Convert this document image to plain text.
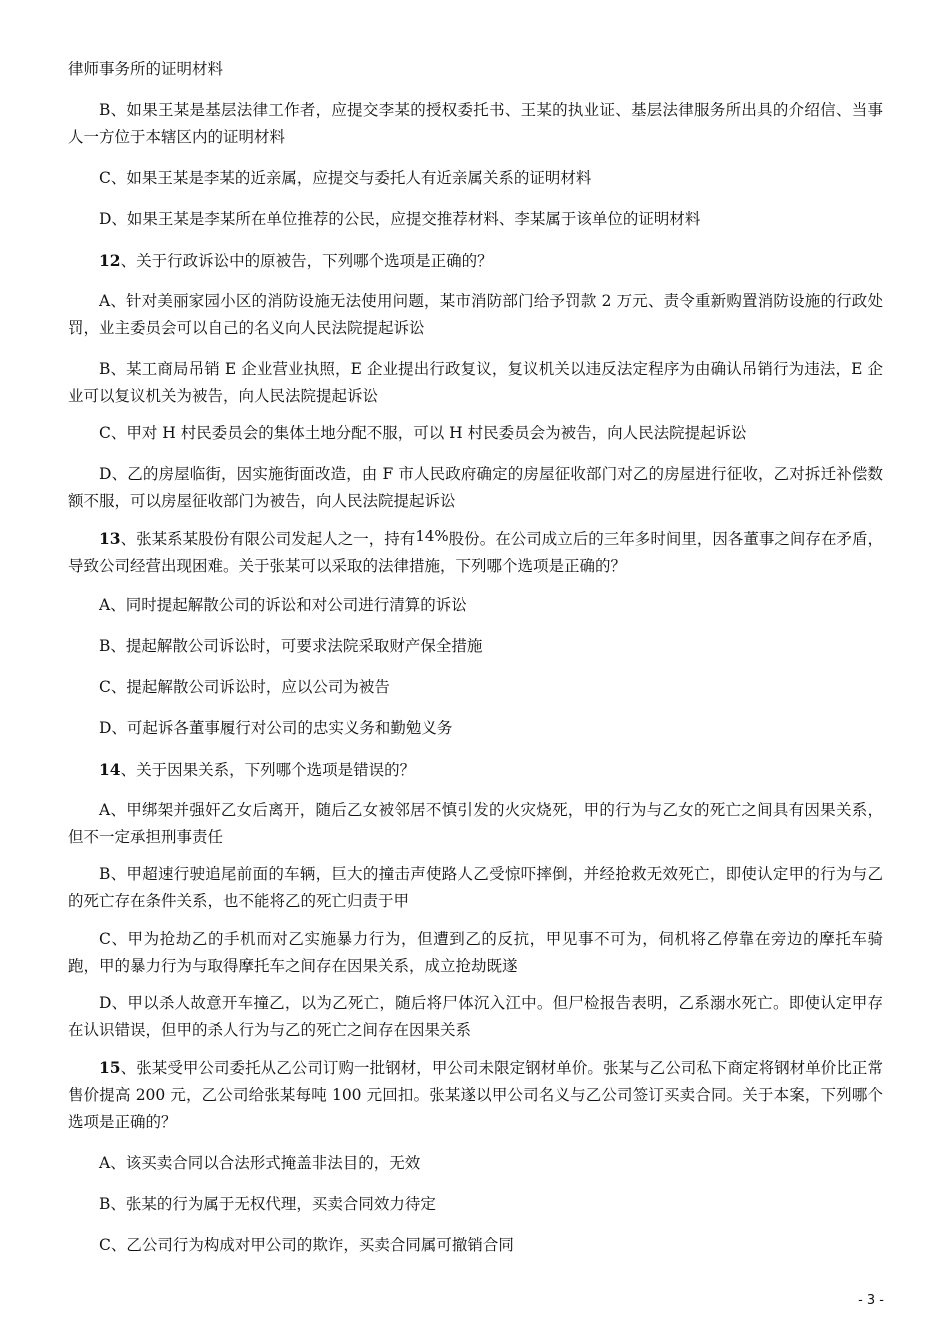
律师事务所的证明材料

B、如果王某是基层法律工作者，应提交李某的授权委托书、王某的执业证、基层法律服务所出具的介绍信、当事人一方位于本辖区内的证明材料

C、如果王某是李某的近亲属，应提交与委托人有近亲属关系的证明材料

D、如果王某是李某所在单位推荐的公民，应提交推荐材料、李某属于该单位的证明材料

12、关于行政诉讼中的原被告，下列哪个选项是正确的？

A、针对美丽家园小区的消防设施无法使用问题，某市消防部门给予罚款 2 万元、责令重新购置消防设施的行政处罚，业主委员会可以自己的名义向人民法院提起诉讼

B、某工商局吊销 E 企业营业执照，E 企业提出行政复议，复议机关以违反法定程序为由确认吊销行为违法，E 企业可以复议机关为被告，向人民法院提起诉讼

C、甲对 H 村民委员会的集体土地分配不服，可以 H 村民委员会为被告，向人民法院提起诉讼

D、乙的房屋临街，因实施街面改造，由 F 市人民政府确定的房屋征收部门对乙的房屋进行征收，乙对拆迁补偿数额不服，可以房屋征收部门为被告，向人民法院提起诉讼

13、张某系某股份有限公司发起人之一，持有14%股份。在公司成立后的三年多时间里，因各董事之间存在矛盾，导致公司经营出现困难。关于张某可以采取的法律措施，下列哪个选项是正确的？

A、同时提起解散公司的诉讼和对公司进行清算的诉讼

B、提起解散公司诉讼时，可要求法院采取财产保全措施

C、提起解散公司诉讼时，应以公司为被告

D、可起诉各董事履行对公司的忠实义务和勤勉义务

14、关于因果关系，下列哪个选项是错误的？

A、甲绑架并强奸乙女后离开，随后乙女被邻居不慎引发的火灾烧死，甲的行为与乙女的死亡之间具有因果关系，但不一定承担刑事责任

B、甲超速行驶追尾前面的车辆，巨大的撞击声使路人乙受惊吓摔倒，并经抢救无效死亡，即使认定甲的行为与乙的死亡存在条件关系，也不能将乙的死亡归责于甲

C、甲为抢劫乙的手机而对乙实施暴力行为，但遭到乙的反抗，甲见事不可为，伺机将乙停靠在旁边的摩托车骑跑，甲的暴力行为与取得摩托车之间存在因果关系，成立抢劫既遂

D、甲以杀人故意开车撞乙，以为乙死亡，随后将尸体沉入江中。但尸检报告表明，乙系溺水死亡。即使认定甲存在认识错误，但甲的杀人行为与乙的死亡之间存在因果关系

15、张某受甲公司委托从乙公司订购一批钢材，甲公司未限定钢材单价。张某与乙公司私下商定将钢材单价比正常售价提高 200 元，乙公司给张某每吨 100 元回扣。张某遂以甲公司名义与乙公司签订买卖合同。关于本案，下列哪个选项是正确的？

A、该买卖合同以合法形式掩盖非法目的，无效

B、张某的行为属于无权代理，买卖合同效力待定

C、乙公司行为构成对甲公司的欺诈，买卖合同属可撤销合同

- 3 -
